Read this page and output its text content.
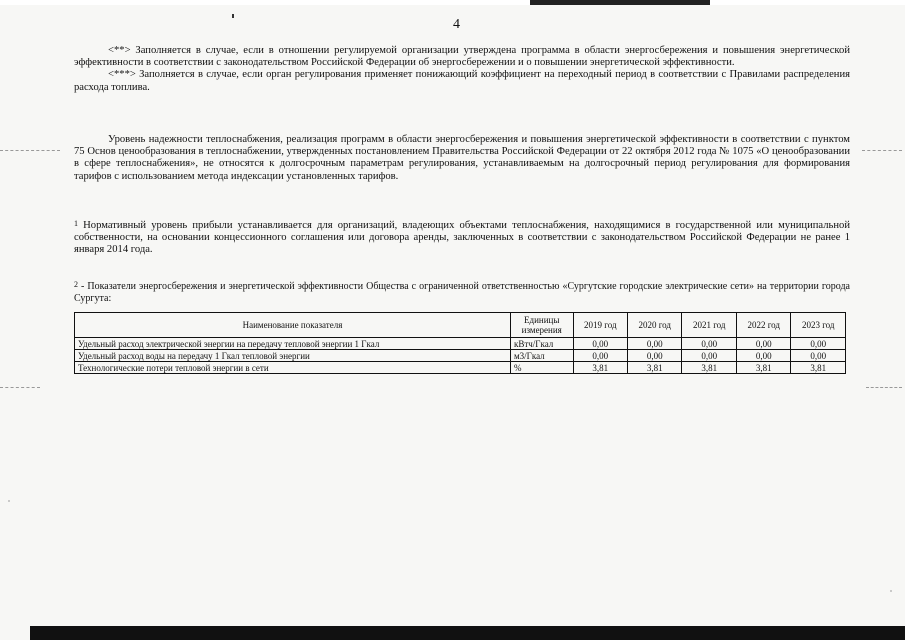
4

<**> Заполняется в случае, если в отношении регулируемой организации утверждена программа в области энергосбережения и повышения энергетической эффективности в соответствии с законодательством Российской Федерации об энергосбережении и о повышении энергетической эффективности.

<***> Заполняется в случае, если орган регулирования применяет понижающий коэффициент на переходный период в соответствии с Правилами распределения расхода топлива.

Уровень надежности теплоснабжения, реализация программ в области энергосбережения и повышения энергетической эффективности в соответствии с пунктом 75 Основ ценообразования в теплоснабжении, утвержденных постановлением Правительства Российской Федерации от 22 октября 2012 года № 1075 «О ценообразовании в сфере теплоснабжения», не относятся к долгосрочным параметрам регулирования, устанавливаемым на долгосрочный период регулирования для формирования тарифов с использованием метода индексации установленных тарифов.

$^1$ Нормативный уровень прибыли устанавливается для организаций, владеющих объектами теплоснабжения, находящимися в государственной или муниципальной собственности, на основании концессионного соглашения или договора аренды, заключенных в соответствии с законодательством Российской Федерации не ранее 1 января 2014 года.

$^2$ - Показатели энергосбережения и энергетической эффективности Общества с ограниченной ответственностью «Сургутские городские электрические сети» на территории города Сургута:

Наименование показателя	Единицы измерения	2019 год	2020 год	2021 год	2022 год	2023 год
Удельный расход электрической энергии на передачу тепловой энергии 1 Гкал	кВтч/Гкал	0,00	0,00	0,00	0,00	0,00
Удельный расход воды на передачу 1 Гкал тепловой энергии	м3/Гкал	0,00	0,00	0,00	0,00	0,00
Технологические потери тепловой энергии в сети	%	3,81	3,81	3,81	3,81	3,81
